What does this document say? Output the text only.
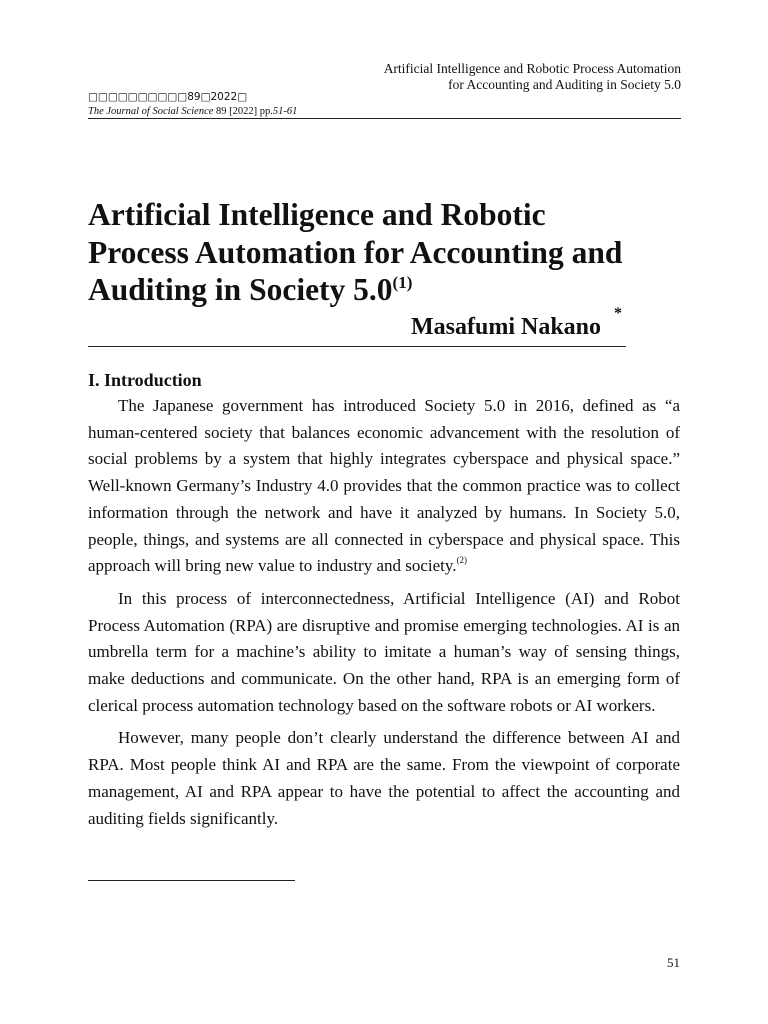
Artificial Intelligence and Robotic Process Automation
for Accounting and Auditing in Society 5.0
□□□□□□□□□□89□2022□
The Journal of Social Science 89 [2022] pp.51-61
Artificial Intelligence and Robotic
Process Automation for Accounting and
Auditing in Society 5.0$^{(1)}$
Masafumi Nakano
*
I. Introduction

The Japanese government has introduced Society 5.0 in 2016, defined as “a human-centered society that balances economic advancement with the resolution of social problems by a system that highly integrates cyberspace and physical space.” Well-known Germany’s Industry 4.0 provides that the common practice was to collect information through the network and have it analyzed by humans. In Society 5.0, people, things, and systems are all connected in cyberspace and physical space. This approach will bring new value to industry and society.$^{(2)}$

In this process of interconnectedness, Artificial Intelligence (AI) and Robot Process Automation (RPA) are disruptive and promise emerging technologies. AI is an umbrella term for a machine’s ability to imitate a human’s way of sensing things, make deductions and communicate. On the other hand, RPA is an emerging form of clerical process automation technology based on the software robots or AI workers.

However, many people don’t clearly understand the difference between AI and RPA. Most people think AI and RPA are the same. From the viewpoint of corporate management, AI and RPA appear to have the potential to affect the accounting and auditing fields significantly.

51
